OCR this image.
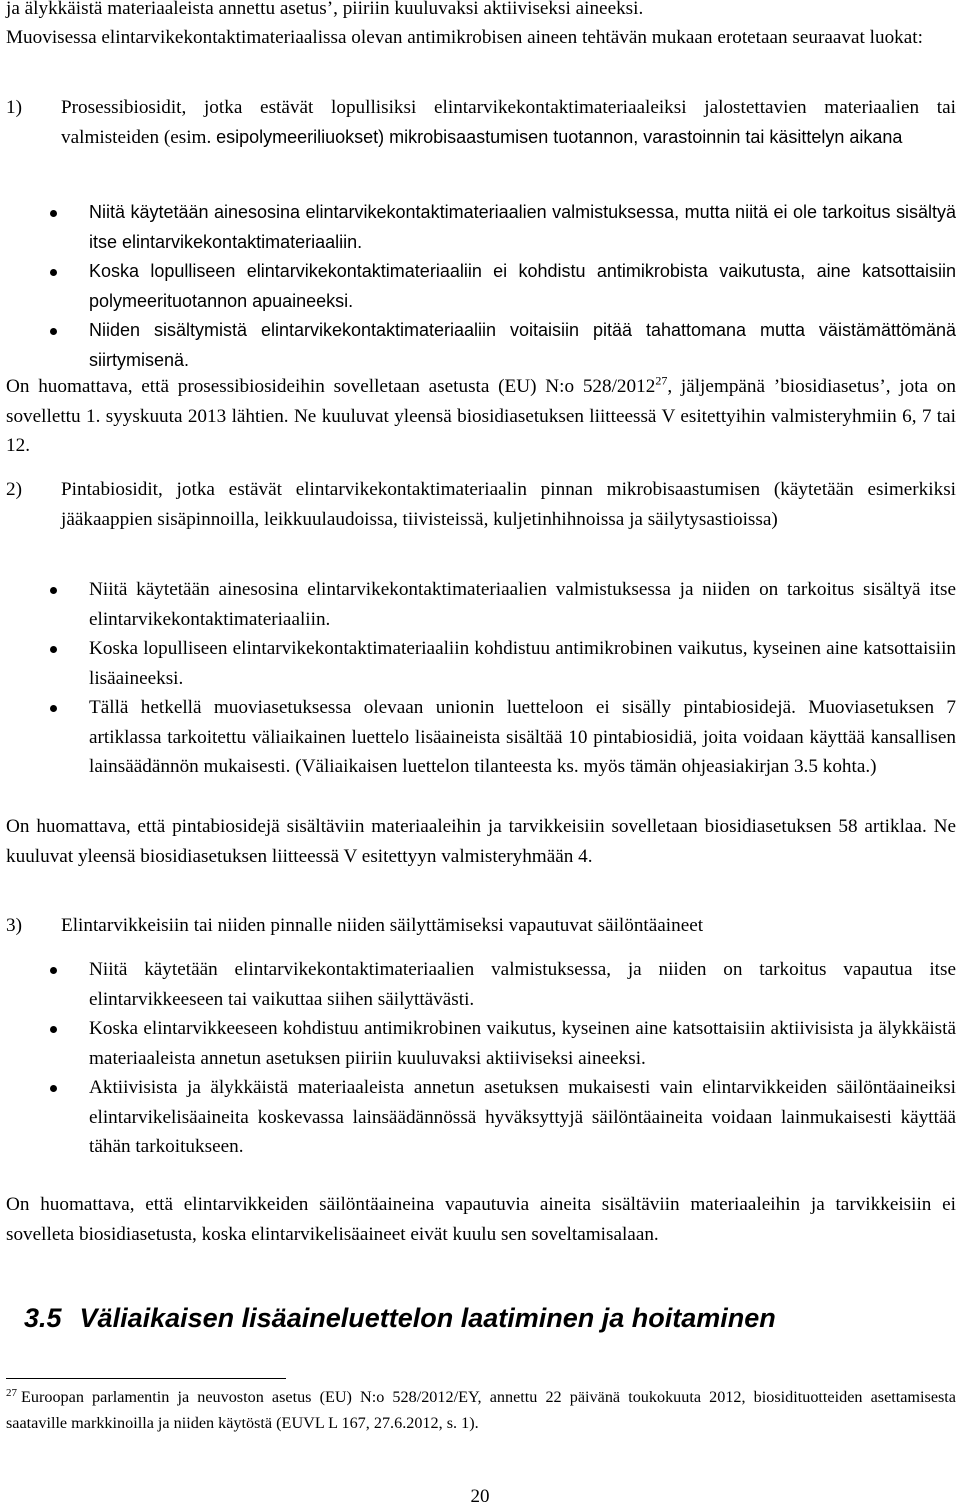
ja älykkäistä materiaaleista annettu asetus’, piiriin kuuluvaksi aktiiviseksi aineeksi.

Muovisessa elintarvikekontaktimateriaalissa olevan antimikrobisen aineen tehtävän mukaan erotetaan seuraavat luokat:

1) Prosessibiosidit, jotka estävät lopullisiksi elintarvikekontaktimateriaaleiksi jalostettavien materiaalien tai valmisteiden (esim. esipolymeeriliuokset) mikrobisaastumisen tuotannon, varastoinnin tai käsittelyn aikana
Niitä käytetään ainesosina elintarvikekontaktimateriaalien valmistuksessa, mutta niitä ei ole tarkoitus sisältyä itse elintarvikekontaktimateriaaliin.
Koska lopulliseen elintarvikekontaktimateriaaliin ei kohdistu antimikrobista vaikutusta, aine katsottaisiin polymeerituotannon apuaineeksi.
Niiden sisältymistä elintarvikekontaktimateriaaliin voitaisiin pitää tahattomana mutta väistämättömänä siirtymisenä.

On huomattava, että prosessibiosideihin sovelletaan asetusta (EU) N:o 528/2012$^{27}$, jäljempänä ’biosidiasetus’, jota on sovellettu 1. syyskuuta 2013 lähtien. Ne kuuluvat yleensä biosidiasetuksen liitteessä V esitettyihin valmisteryhmiin 6, 7 tai 12.

2) Pintabiosidit, jotka estävät elintarvikekontaktimateriaalin pinnan mikrobisaastumisen (käytetään esimerkiksi jääkaappien sisäpinnoilla, leikkuulaudoissa, tiivisteissä, kuljetinhihnoissa ja säilytysastioissa)
Niitä käytetään ainesosina elintarvikekontaktimateriaalien valmistuksessa ja niiden on tarkoitus sisältyä itse elintarvikekontaktimateriaaliin.
Koska lopulliseen elintarvikekontaktimateriaaliin kohdistuu antimikrobinen vaikutus, kyseinen aine katsottaisiin lisäaineeksi.
Tällä hetkellä muoviasetuksessa olevaan unionin luetteloon ei sisälly pintabiosidejä. Muoviasetuksen 7 artiklassa tarkoitettu väliaikainen luettelo lisäaineista sisältää 10 pintabiosidiä, joita voidaan käyttää kansallisen lainsäädännön mukaisesti. (Väliaikaisen luettelon tilanteesta ks. myös tämän ohjeasiakirjan 3.5 kohta.)

On huomattava, että pintabiosidejä sisältäviin materiaaleihin ja tarvikkeisiin sovelletaan biosidiasetuksen 58 artiklaa. Ne kuuluvat yleensä biosidiasetuksen liitteessä V esitettyyn valmisteryhmään 4.

3) Elintarvikkeisiin tai niiden pinnalle niiden säilyttämiseksi vapautuvat säilöntäaineet
Niitä käytetään elintarvikekontaktimateriaalien valmistuksessa, ja niiden on tarkoitus vapautua itse elintarvikkeeseen tai vaikuttaa siihen säilyttävästi.
Koska elintarvikkeeseen kohdistuu antimikrobinen vaikutus, kyseinen aine katsottaisiin aktiivisista ja älykkäistä materiaaleista annetun asetuksen piiriin kuuluvaksi aktiiviseksi aineeksi.
Aktiivisista ja älykkäistä materiaaleista annetun asetuksen mukaisesti vain elintarvikkeiden säilöntäaineiksi elintarvikelisäaineita koskevassa lainsäädännössä hyväksyttyjä säilöntäaineita voidaan lainmukaisesti käyttää tähän tarkoitukseen.

On huomattava, että elintarvikkeiden säilöntäaineina vapautuvia aineita sisältäviin materiaaleihin ja tarvikkeisiin ei sovelleta biosidiasetusta, koska elintarvikelisäaineet eivät kuulu sen soveltamisalaan.

3.5 Väliaikaisen lisäaineluettelon laatiminen ja hoitaminen

$^{27}$ Euroopan parlamentin ja neuvoston asetus (EU) N:o 528/2012/EY, annettu 22 päivänä toukokuuta 2012, biosidituotteiden asettamisesta saataville markkinoilla ja niiden käytöstä (EUVL L 167, 27.6.2012, s. 1).

20
